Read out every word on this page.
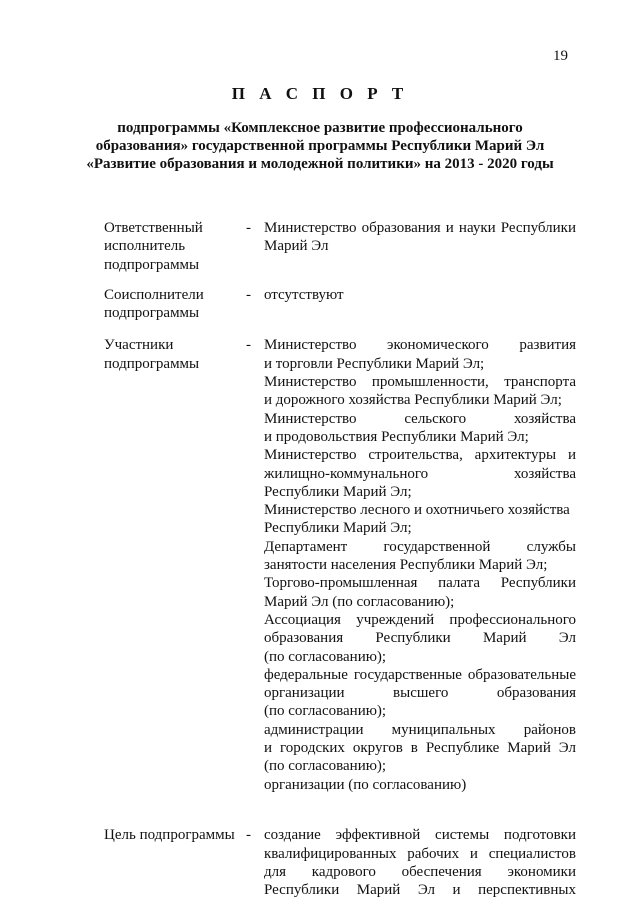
19
П А С П О Р Т
подпрограммы «Комплексное развитие профессионального
образования» государственной программы Республики Марий Эл
«Развитие образования и молодежной политики» на 2013 - 2020 годы
Ответственный
исполнитель
подпрограммы
- Министерство образования и науки Республики
Марий Эл

Соисполнители
подпрограммы
- отсутствуют

Участники
подпрограммы
- Министерство экономического развития
и торговли Республики Марий Эл;
Министерство промышленности, транспорта
и дорожного хозяйства Республики Марий Эл;
Министерство сельского хозяйства
и продовольствия Республики Марий Эл;
Министерство строительства, архитектуры и
жилищно-коммунального хозяйства
Республики Марий Эл;
Министерство лесного и охотничьего хозяйства
Республики Марий Эл;
Департамент государственной службы
занятости населения Республики Марий Эл;
Торгово-промышленная палата Республики
Марий Эл (по согласованию);
Ассоциация учреждений профессионального
образования Республики Марий Эл
(по согласованию);
федеральные государственные образовательные
организации высшего образования
(по согласованию);
администрации муниципальных районов
и городских округов в Республике Марий Эл
(по согласованию);
организации (по согласованию)

Цель подпрограммы - создание эффективной системы подготовки
квалифицированных рабочих и специалистов
для кадрового обеспечения экономики
Республики Марий Эл и перспективных
